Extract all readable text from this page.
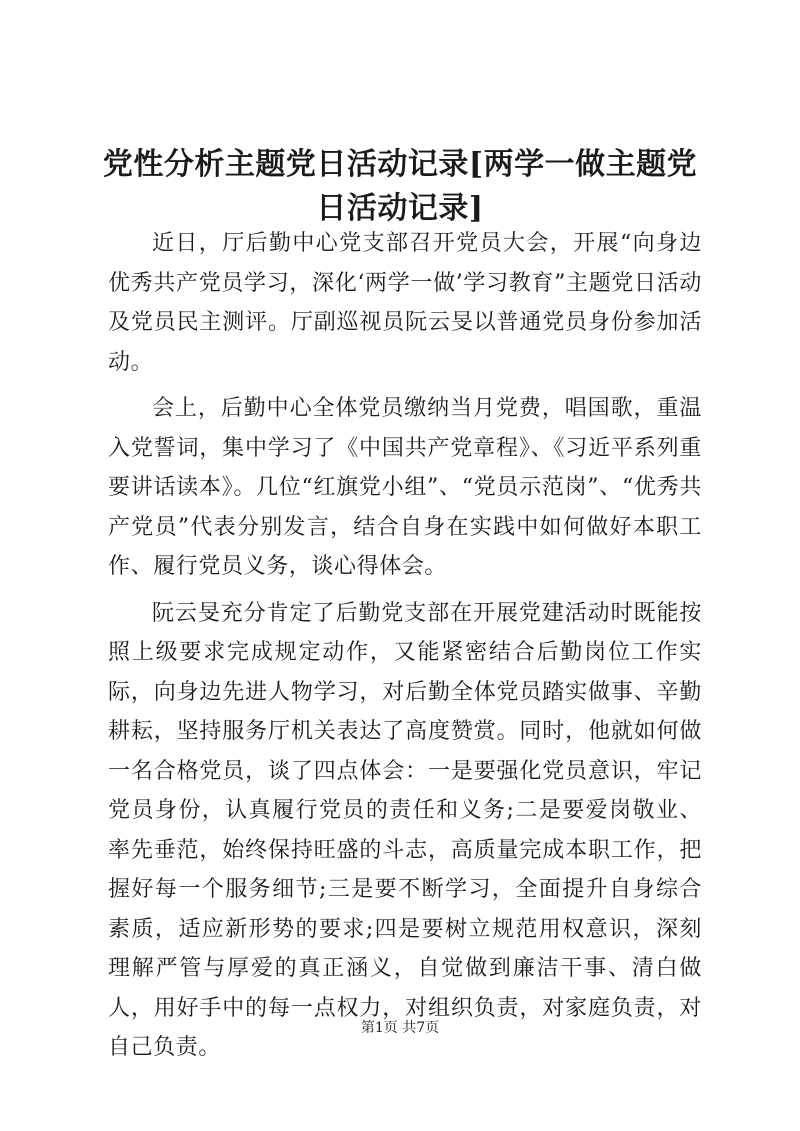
党性分析主题党日活动记录[两学一做主题党日活动记录]

近日，厅后勤中心党支部召开党员大会，开展“向身边优秀共产党员学习，深化‘两学一做’学习教育”主题党日活动及党员民主测评。厅副巡视员阮云旻以普通党员身份参加活动。

会上，后勤中心全体党员缴纳当月党费，唱国歌，重温入党誓词，集中学习了《中国共产党章程》、《习近平系列重要讲话读本》。几位“红旗党小组”、“党员示范岗”、“优秀共产党员”代表分别发言，结合自身在实践中如何做好本职工作、履行党员义务，谈心得体会。

阮云旻充分肯定了后勤党支部在开展党建活动时既能按照上级要求完成规定动作，又能紧密结合后勤岗位工作实际，向身边先进人物学习，对后勤全体党员踏实做事、辛勤耕耘，坚持服务厅机关表达了高度赞赏。同时，他就如何做一名合格党员，谈了四点体会：一是要强化党员意识，牢记党员身份，认真履行党员的责任和义务;二是要爱岗敬业、率先垂范，始终保持旺盛的斗志，高质量完成本职工作，把握好每一个服务细节;三是要不断学习，全面提升自身综合素质，适应新形势的要求;四是要树立规范用权意识，深刻理解严管与厚爱的真正涵义，自觉做到廉洁干事、清白做人，用好手中的每一点权力，对组织负责，对家庭负责，对自己负责。

第1页 共7页
